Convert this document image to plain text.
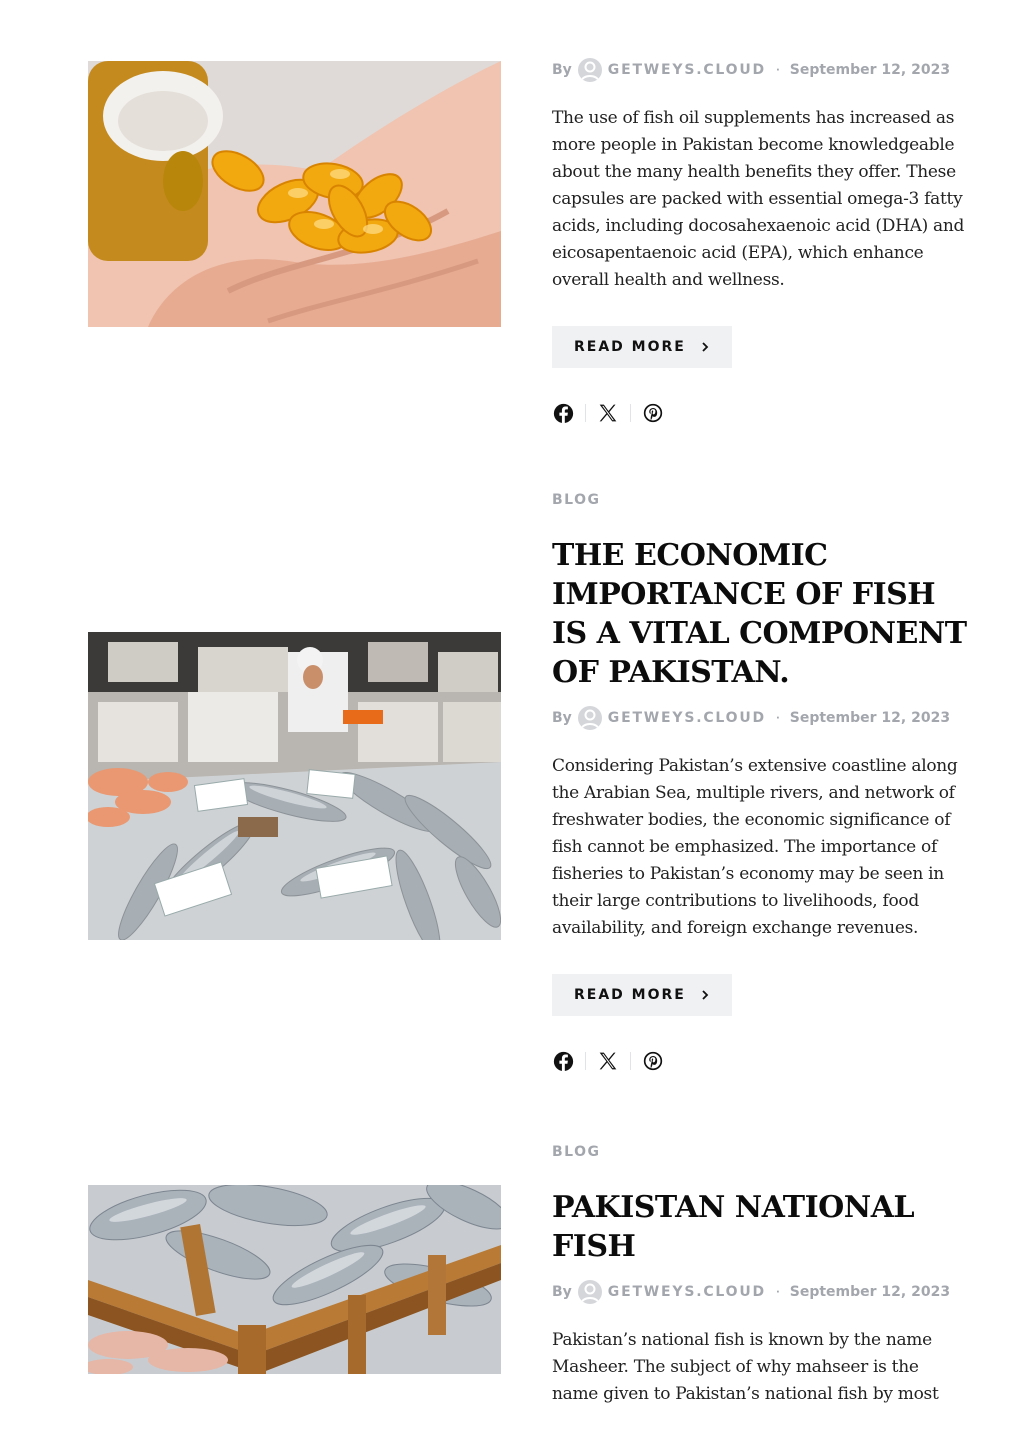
By	GETWEYS.CLOUD · September 12, 2023

The use of fish oil supplements has increased as more people in Pakistan become knowledgeable about the many health benefits they offer. These capsules are packed with essential omega-3 fatty acids, including docosahexaenoic acid (DHA) and eicosapentaenoic acid (EPA), which enhance overall health and wellness.

READ MORE

BLOG

THE ECONOMIC IMPORTANCE OF FISH IS A VITAL COMPONENT OF PAKISTAN.
By	GETWEYS.CLOUD · September 12, 2023

Considering Pakistan’s extensive coastline along the Arabian Sea, multiple rivers, and network of freshwater bodies, the economic significance of fish cannot be emphasized. The importance of fisheries to Pakistan’s economy may be seen in their large contributions to livelihoods, food availability, and foreign exchange revenues.

READ MORE

BLOG

PAKISTAN NATIONAL FISH
By	GETWEYS.CLOUD · September 12, 2023

Pakistan’s national fish is known by the name Masheer. The subject of why mahseer is the name given to Pakistan’s national fish by most
